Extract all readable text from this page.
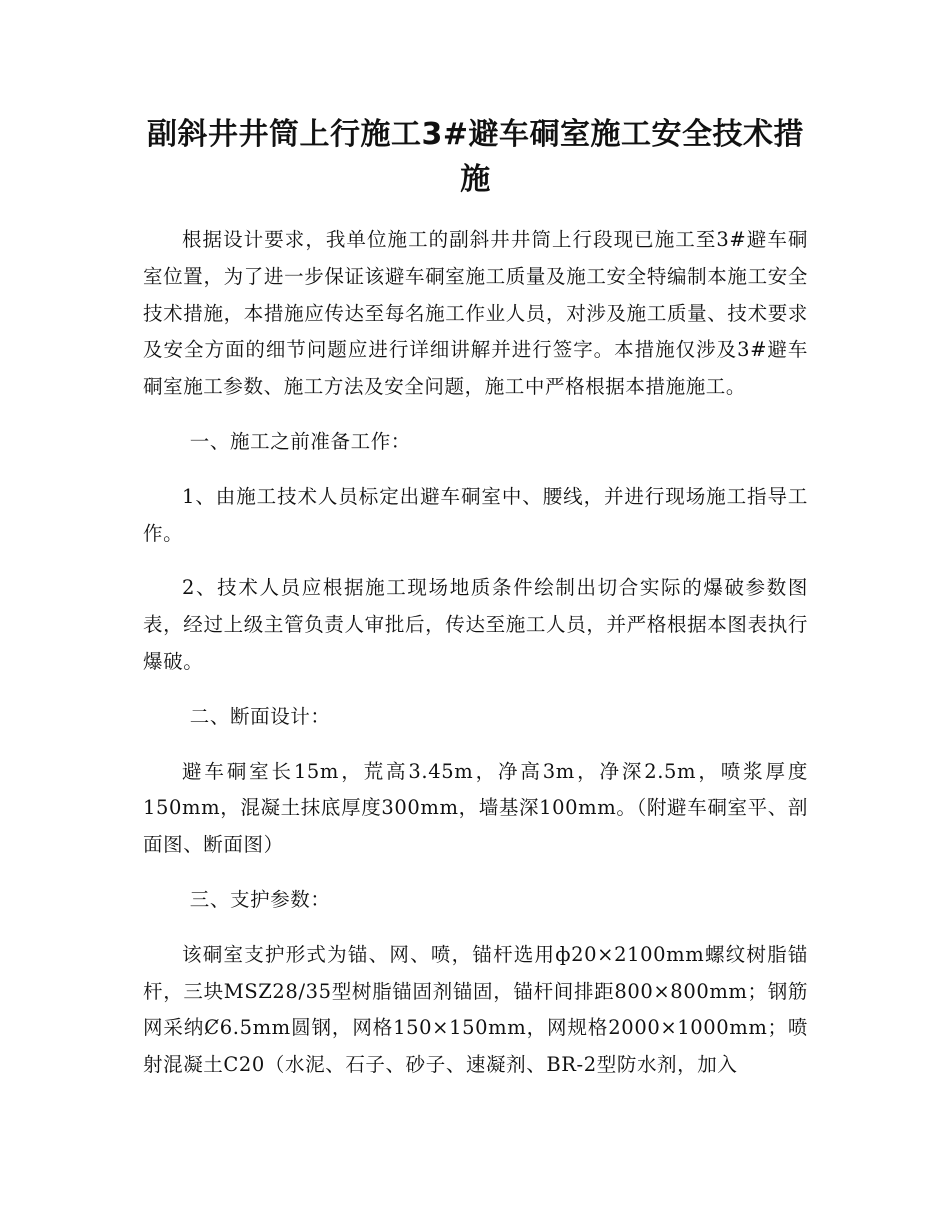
副斜井井筒上行施工3#避车硐室施工安全技术措施

根据设计要求，我单位施工的副斜井井筒上行段现已施工至3#避车硐室位置，为了进一步保证该避车硐室施工质量及施工安全特编制本施工安全技术措施，本措施应传达至每名施工作业人员，对涉及施工质量、技术要求及安全方面的细节问题应进行详细讲解并进行签字。本措施仅涉及3#避车硐室施工参数、施工方法及安全问题，施工中严格根据本措施施工。

一、施工之前准备工作：

1、由施工技术人员标定出避车硐室中、腰线，并进行现场施工指导工作。

2、技术人员应根据施工现场地质条件绘制出切合实际的爆破参数图表，经过上级主管负责人审批后，传达至施工人员，并严格根据本图表执行爆破。

二、断面设计：

避车硐室长15m，荒高3.45m，净高3m，净深2.5m，喷浆厚度150mm，混凝土抹底厚度300mm，墙基深100mm。（附避车硐室平、剖面图、断面图）

三、支护参数：

该硐室支护形式为锚、网、喷，锚杆选用ф20×2100mm螺纹树脂锚杆，三块MSZ28/35型树脂锚固剂锚固，锚杆间排距800×800mm；钢筋网采纳Ȼ6.5mm圆钢，网格150×150mm，网规格2000×1000mm；喷射混凝土C20（水泥、石子、砂子、速凝剂、BR-2型防水剂，加入
